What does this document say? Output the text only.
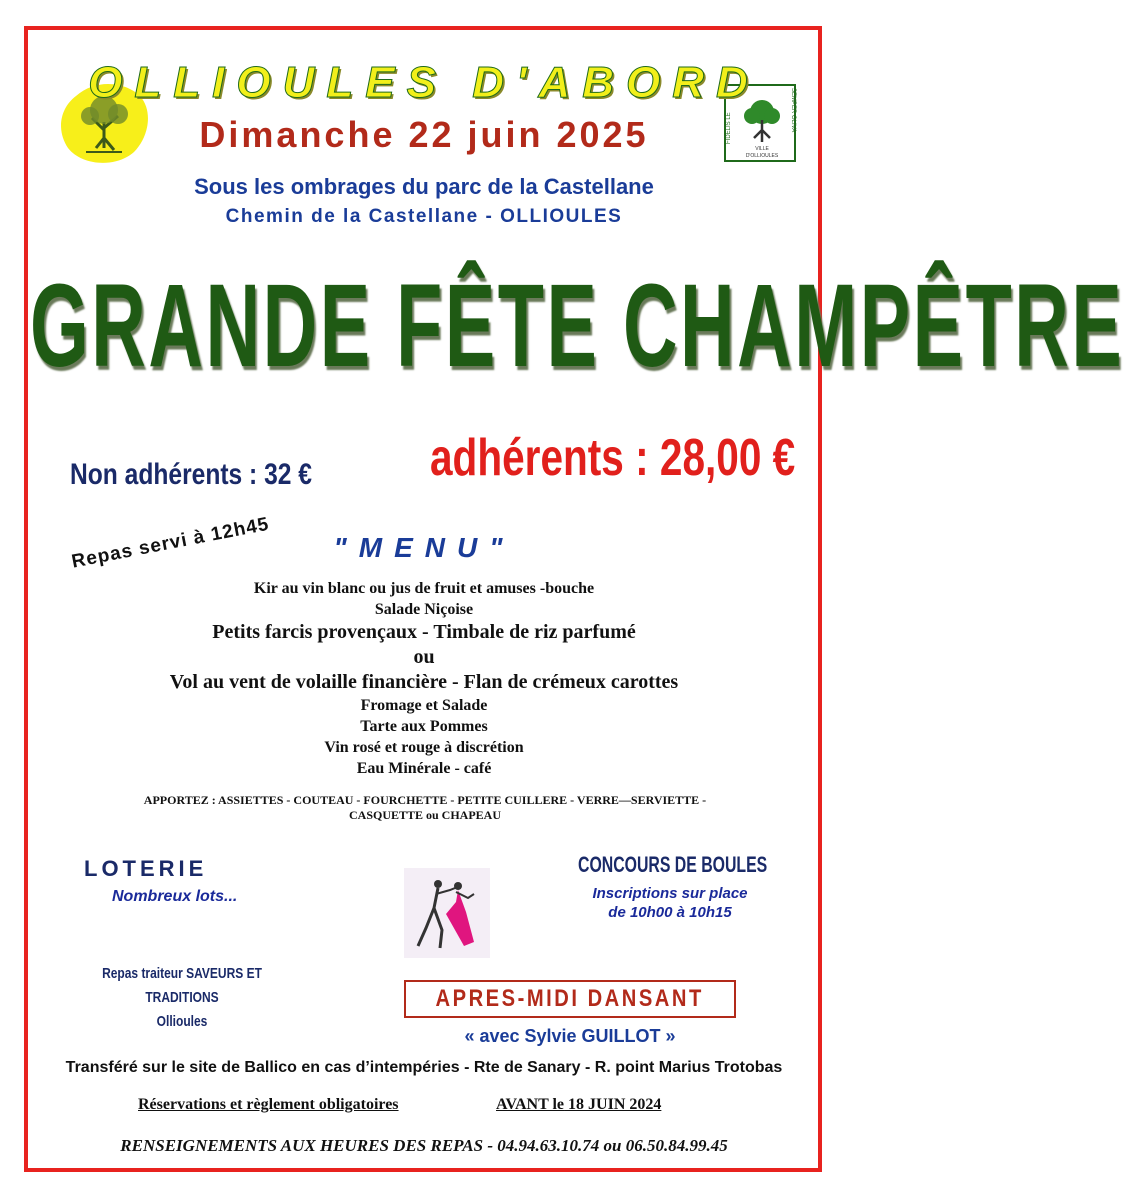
FIDELIS LE	SEMPER OLIVA
VILLE
D'OLLIOULES
OLLIOULES D'ABORD
Dimanche 22 juin 2025
Sous les ombrages du parc de la Castellane
Chemin de la Castellane - OLLIOULES
GRANDE FÊTE CHAMPÊTRE
Non adhérents : 32 € adhérents : 28,00 €
Repas servi à 12h45	"MENU"
Kir au vin blanc ou jus de fruit et amuses -bouche
Salade Niçoise
Petits farcis provençaux - Timbale de riz parfumé
ou
Vol au vent de volaille financière - Flan de crémeux carottes
Fromage et Salade
Tarte aux Pommes
Vin rosé et rouge à discrétion
Eau Minérale - café
APPORTEZ : ASSIETTES - COUTEAU - FOURCHETTE - PETITE CUILLERE - VERRE—SERVIETTE -
CASQUETTE ou CHAPEAU
LOTERIE
Nombreux lots...
CONCOURS DE BOULES
Inscriptions sur place
de 10h00 à 10h15
Repas traiteur SAVEURS ET TRADITIONS
Ollioules
APRES-MIDI DANSANT
« avec Sylvie GUILLOT »
Transféré sur le site de Ballico en cas d’intempéries - Rte de Sanary - R. point Marius Trotobas
Réservations et règlement obligatoires	AVANT le 18 JUIN 2024
RENSEIGNEMENTS AUX HEURES DES REPAS - 04.94.63.10.74 ou 06.50.84.99.45
